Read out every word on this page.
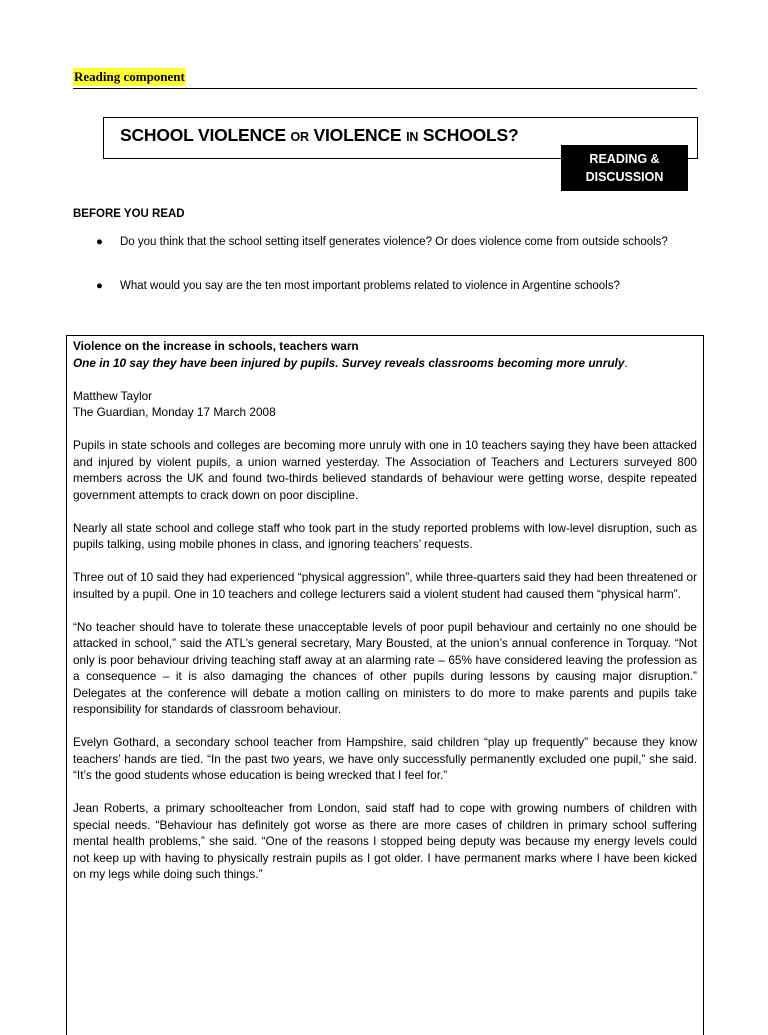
Reading component
SCHOOL VIOLENCE OR VIOLENCE IN SCHOOLS?
READING &
DISCUSSION
BEFORE YOU READ
● Do you think that the school setting itself generates violence? Or does violence come from outside schools?
● What would you say are the ten most important problems related to violence in Argentine schools?

Violence on the increase in schools, teachers warn

One in 10 say they have been injured by pupils. Survey reveals classrooms becoming more unruly.

Matthew Taylor

The Guardian, Monday 17 March 2008

Pupils in state schools and colleges are becoming more unruly with one in 10 teachers saying they have been attacked and injured by violent pupils, a union warned yesterday. The Association of Teachers and Lecturers surveyed 800 members across the UK and found two-thirds believed standards of behaviour were getting worse, despite repeated government attempts to crack down on poor discipline.

Nearly all state school and college staff who took part in the study reported problems with low-level disruption, such as pupils talking, using mobile phones in class, and ignoring teachers’ requests.

Three out of 10 said they had experienced “physical aggression”, while three-quarters said they had been threatened or insulted by a pupil. One in 10 teachers and college lecturers said a violent student had caused them “physical harm”.

“No teacher should have to tolerate these unacceptable levels of poor pupil behaviour and certainly no one should be attacked in school,” said the ATL’s general secretary, Mary Bousted, at the union’s annual conference in Torquay. “Not only is poor behaviour driving teaching staff away at an alarming rate – 65% have considered leaving the profession as a consequence – it is also damaging the chances of other pupils during lessons by causing major disruption.” Delegates at the conference will debate a motion calling on ministers to do more to make parents and pupils take responsibility for standards of classroom behaviour.

Evelyn Gothard, a secondary school teacher from Hampshire, said children “play up frequently” because they know teachers’ hands are tied. “In the past two years, we have only successfully permanently excluded one pupil,” she said. “It’s the good students whose education is being wrecked that I feel for.”

Jean Roberts, a primary schoolteacher from London, said staff had to cope with growing numbers of children with special needs. “Behaviour has definitely got worse as there are more cases of children in primary school suffering mental health problems,” she said. “One of the reasons I stopped being deputy was because my energy levels could not keep up with having to physically restrain pupils as I got older. I have permanent marks where I have been kicked on my legs while doing such things.”
